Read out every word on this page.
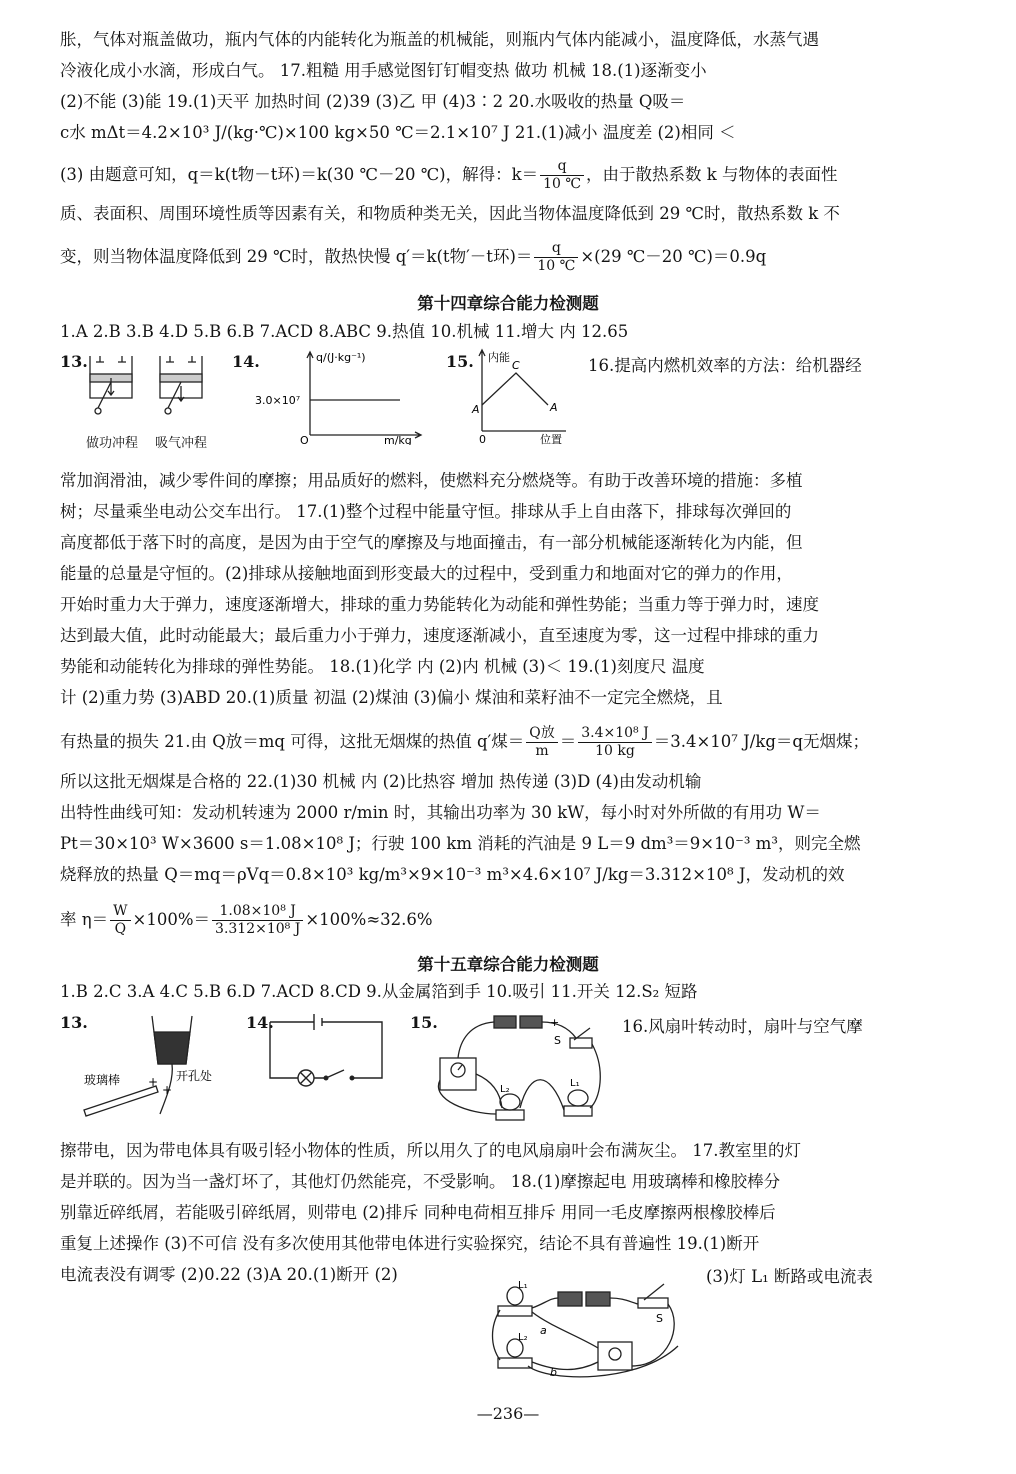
胀，气体对瓶盖做功，瓶内气体的内能转化为瓶盖的机械能，则瓶内气体内能减小，温度降低，水蒸气遇
冷液化成小水滴，形成白气。 17.粗糙 用手感觉图钉钉帽变热 做功 机械 18.(1)逐渐变小
(2)不能 (3)能 19.(1)天平 加热时间 (2)39 (3)乙 甲 (4)3∶2 20.水吸收的热量 Q吸＝
c水 mΔt＝4.2×10³ J/(kg·℃)×100 kg×50 ℃＝2.1×10⁷ J 21.(1)减小 温度差 (2)相同 ＜
(3) 由题意可知，q＝k(t物－t环)＝k(30 ℃－20 ℃)，解得：$k= \frac{q}{10 ℃}$ ，由于散热系数 k 与物体的表面性
质、表面积、周围环境性质等因素有关，和物质种类无关，因此当物体温度降低到 29 ℃时，散热系数 k 不
变，则当物体温度降低到 29 ℃时，散热快慢 q′＝k(t物′－t环)＝ $\frac{q}{10 ℃} \times(29$ ℃－20 ℃)＝0.9q
第十四章综合能力检测题
1.A 2.B 3.B 4.D 5.B 6.B 7.ACD 8.ABC 9.热值 10.机械 11.增大 内 12.65
13.
做功冲程 吸气冲程
14.	q/(J·kg⁻¹)
3.0×10⁷
O	m/kg
15. 内能
A
C
A
0	位置
16.提高内燃机效率的方法：给机器经
常加润滑油，减少零件间的摩擦；用品质好的燃料，使燃料充分燃烧等。有助于改善环境的措施：多植
树；尽量乘坐电动公交车出行。 17.(1)整个过程中能量守恒。排球从手上自由落下，排球每次弹回的
高度都低于落下时的高度，是因为由于空气的摩擦及与地面撞击，有一部分机械能逐渐转化为内能，但
能量的总量是守恒的。(2)排球从接触地面到形变最大的过程中，受到重力和地面对它的弹力的作用，
开始时重力大于弹力，速度逐渐增大，排球的重力势能转化为动能和弹性势能；当重力等于弹力时，速度
达到最大值，此时动能最大；最后重力小于弹力，速度逐渐减小，直至速度为零，这一过程中排球的重力
势能和动能转化为排球的弹性势能。 18.(1)化学 内 (2)内 机械 (3)＜ 19.(1)刻度尺 温度
计 (2)重力势 (3)ABD 20.(1)质量 初温 (2)煤油 (3)偏小 煤油和菜籽油不一定完全燃烧，且
有热量的损失 21.由 Q放＝mq 可得，这批无烟煤的热值 q′煤＝ Q放
$m = \frac{\text{3.4×10⁸ J}}{10 kg} =3.4\times 10^7$ J/kg＝q无烟煤；
所以这批无烟煤是合格的 22.(1)30 机械 内 (2)比热容 增加 热传递 (3)D (4)由发动机输
出特性曲线可知：发动机转速为 2000 r/min 时，其输出功率为 30 kW，每小时对外所做的有用功 W＝
Pt＝30×10³ W×3600 s＝1.08×10⁸ J；行驶 100 km 消耗的汽油是 9 L＝9 dm³＝9×10⁻³ m³，则完全燃
烧释放的热量 Q＝mq＝ρVq＝0.8×10³ kg/m³×9×10⁻³ m³×4.6×10⁷ J/kg＝3.312×10⁸ J，发动机的效
率 $\eta= \frac{W}{Q} \times 100\%= \frac{\text{1.08×10⁸ J}}{\text{3.312×10⁸ J}} \times 100\%\approx 32.6\%$
第十五章综合能力检测题
1.B 2.C 3.A 4.C 5.B 6.D 7.ACD 8.CD 9.从金属箔到手 10.吸引 11.开关 12.S₂ 短路
13.
+
+
玻璃棒	开孔处
14.	15.	+
S
L₂
L₁
16.风扇叶转动时，扇叶与空气摩
擦带电，因为带电体具有吸引轻小物体的性质，所以用久了的电风扇扇叶会布满灰尘。 17.教室里的灯
是并联的。因为当一盏灯坏了，其他灯仍然能亮，不受影响。 18.(1)摩擦起电 用玻璃棒和橡胶棒分
别靠近碎纸屑，若能吸引碎纸屑，则带电 (2)排斥 同种电荷相互排斥 用同一毛皮摩擦两根橡胶棒后
重复上述操作 (3)不可信 没有多次使用其他带电体进行实验探究，结论不具有普遍性 19.(1)断开
电流表没有调零 (2)0.22 (3)A 20.(1)断开 (2)	(3)灯 L₁ 断路或电流表
L₁
L₂
S
a
b
—236—
